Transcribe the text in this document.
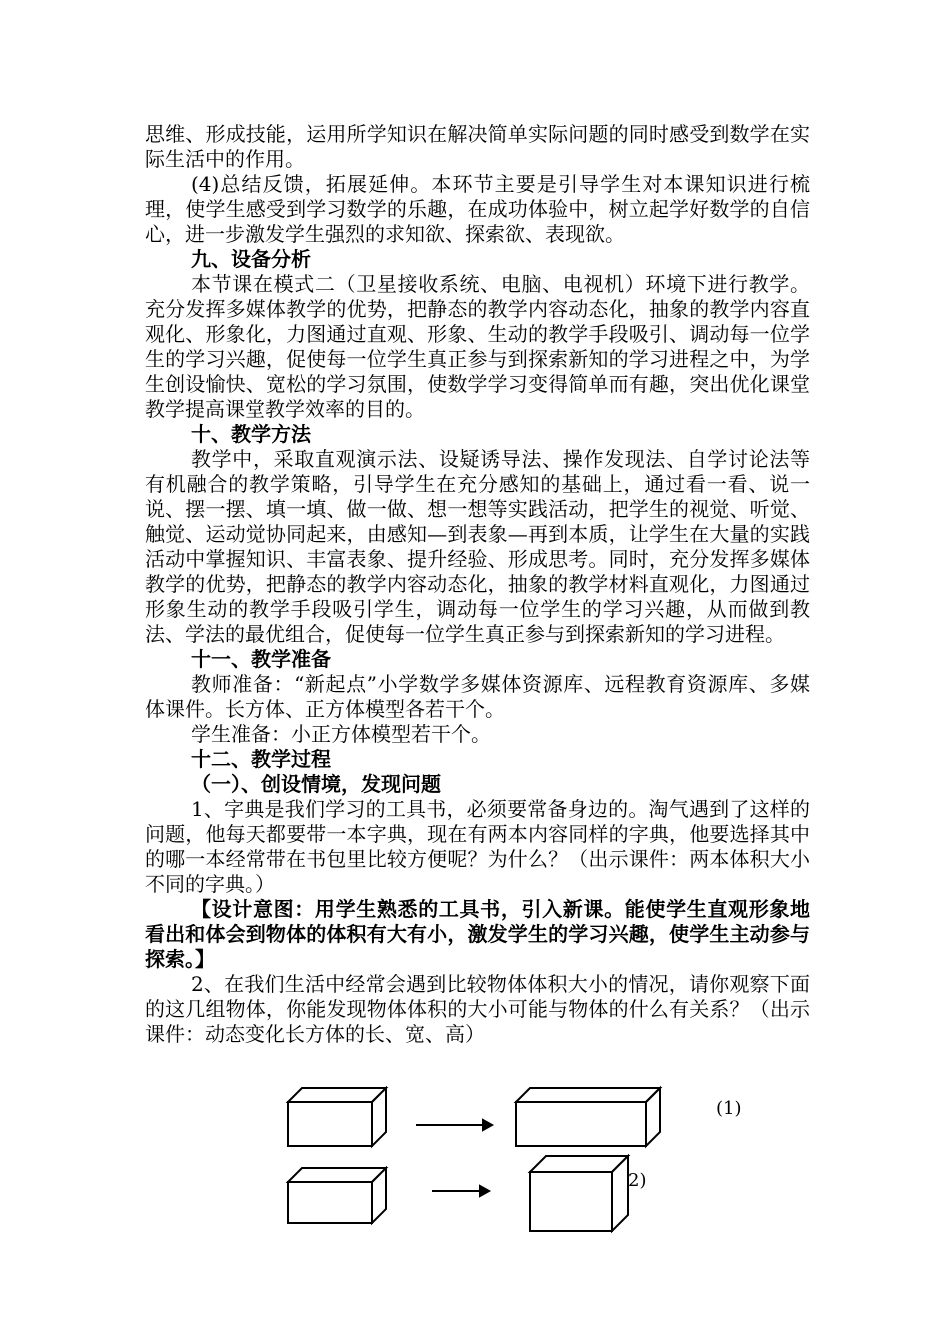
思维、形成技能，运用所学知识在解决简单实际问题的同时感受到数学在实际生活中的作用。

(4)总结反馈，拓展延伸。本环节主要是引导学生对本课知识进行梳理，使学生感受到学习数学的乐趣，在成功体验中，树立起学好数学的自信心，进一步激发学生强烈的求知欲、探索欲、表现欲。

九、设备分析

本节课在模式二（卫星接收系统、电脑、电视机）环境下进行教学。充分发挥多媒体教学的优势，把静态的教学内容动态化，抽象的教学内容直观化、形象化，力图通过直观、形象、生动的教学手段吸引、调动每一位学生的学习兴趣，促使每一位学生真正参与到探索新知的学习进程之中，为学生创设愉快、宽松的学习氛围，使数学学习变得简单而有趣，突出优化课堂教学提高课堂教学效率的目的。

十、教学方法

教学中，采取直观演示法、设疑诱导法、操作发现法、自学讨论法等有机融合的教学策略，引导学生在充分感知的基础上，通过看一看、说一说、摆一摆、填一填、做一做、想一想等实践活动，把学生的视觉、听觉、触觉、运动觉协同起来，由感知—到表象—再到本质，让学生在大量的实践活动中掌握知识、丰富表象、提升经验、形成思考。同时，充分发挥多媒体教学的优势，把静态的教学内容动态化，抽象的教学材料直观化，力图通过形象生动的教学手段吸引学生，调动每一位学生的学习兴趣，从而做到教法、学法的最优组合，促使每一位学生真正参与到探索新知的学习进程。

十一、教学准备

教师准备：“新起点”小学数学多媒体资源库、远程教育资源库、多媒体课件。长方体、正方体模型各若干个。

学生准备：小正方体模型若干个。

十二、教学过程

（一）、创设情境，发现问题

1、字典是我们学习的工具书，必须要常备身边的。淘气遇到了这样的问题，他每天都要带一本字典，现在有两本内容同样的字典，他要选择其中的哪一本经常带在书包里比较方便呢？为什么？（出示课件：两本体积大小不同的字典。）

【设计意图：用学生熟悉的工具书，引入新课。能使学生直观形象地看出和体会到物体的体积有大有小，激发学生的学习兴趣，使学生主动参与探索。】

2、在我们生活中经常会遇到比较物体体积大小的情况，请你观察下面的这几组物体，你能发现物体体积的大小可能与物体的什么有关系？（出示课件：动态变化长方体的长、宽、高）

(1)
2)
